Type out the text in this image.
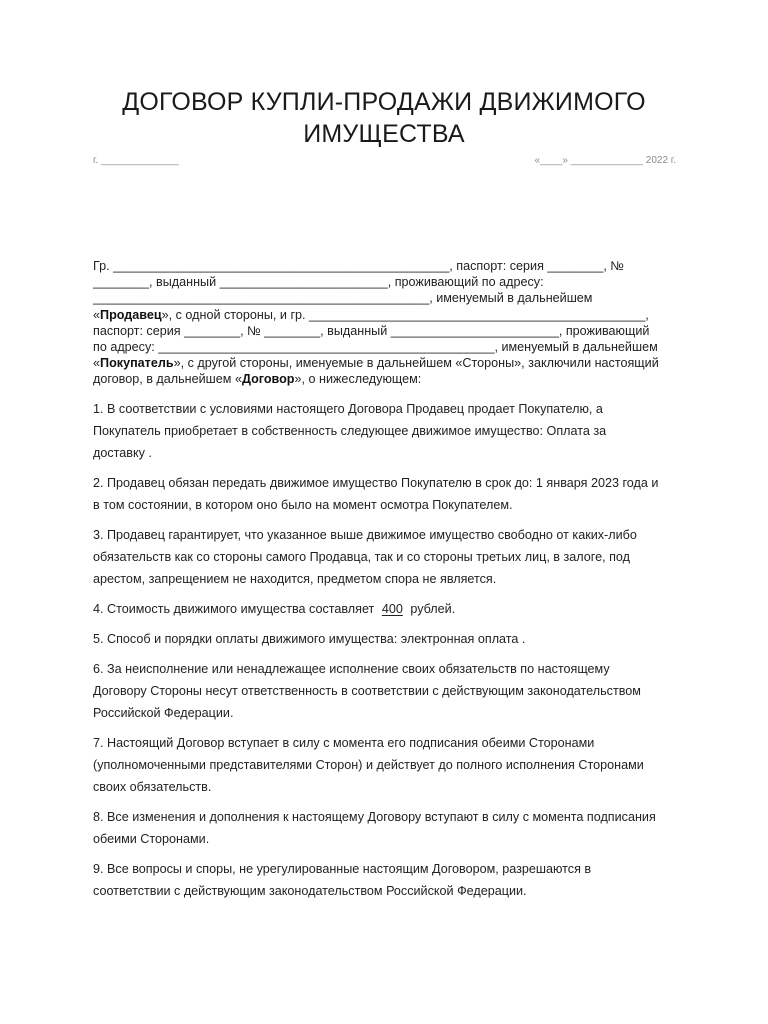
ДОГОВОР КУПЛИ-ПРОДАЖИ ДВИЖИМОГО
ИМУЩЕСТВА
г. ______________	«____» _____________ 2022 г.
Гр. ________________________________________________, паспорт: серия ________, №
________, выданный ________________________, проживающий по адресу:
________________________________________________, именуемый в дальнейшем
«Продавец», с одной стороны, и гр. ________________________________________________,
паспорт: серия ________, № ________, выданный ________________________, проживающий
по адресу: ________________________________________________, именуемый в дальнейшем
«Покупатель», с другой стороны, именуемые в дальнейшем «Стороны», заключили настоящий
договор, в дальнейшем «Договор», о нижеследующем:
1. В соответствии с условиями настоящего Договора Продавец продает Покупателю, а
Покупатель приобретает в собственность следующее движимое имущество: Оплата за
доставку .
2. Продавец обязан передать движимое имущество Покупателю в срок до: 1 января 2023 года и
в том состоянии, в котором оно было на момент осмотра Покупателем.
3. Продавец гарантирует, что указанное выше движимое имущество свободно от каких-либо
обязательств как со стороны самого Продавца, так и со стороны третьих лиц, в залоге, под
арестом, запрещением не находится, предметом спора не является.
4. Стоимость движимого имущества составляет 400 рублей.
5. Способ и порядки оплаты движимого имущества: электронная оплата .
6. За неисполнение или ненадлежащее исполнение своих обязательств по настоящему
Договору Стороны несут ответственность в соответствии с действующим законодательством
Российской Федерации.
7. Настоящий Договор вступает в силу с момента его подписания обеими Сторонами
(уполномоченными представителями Сторон) и действует до полного исполнения Сторонами
своих обязательств.
8. Все изменения и дополнения к настоящему Договору вступают в силу с момента подписания
обеими Сторонами.
9. Все вопросы и споры, не урегулированные настоящим Договором, разрешаются в
соответствии с действующим законодательством Российской Федерации.
